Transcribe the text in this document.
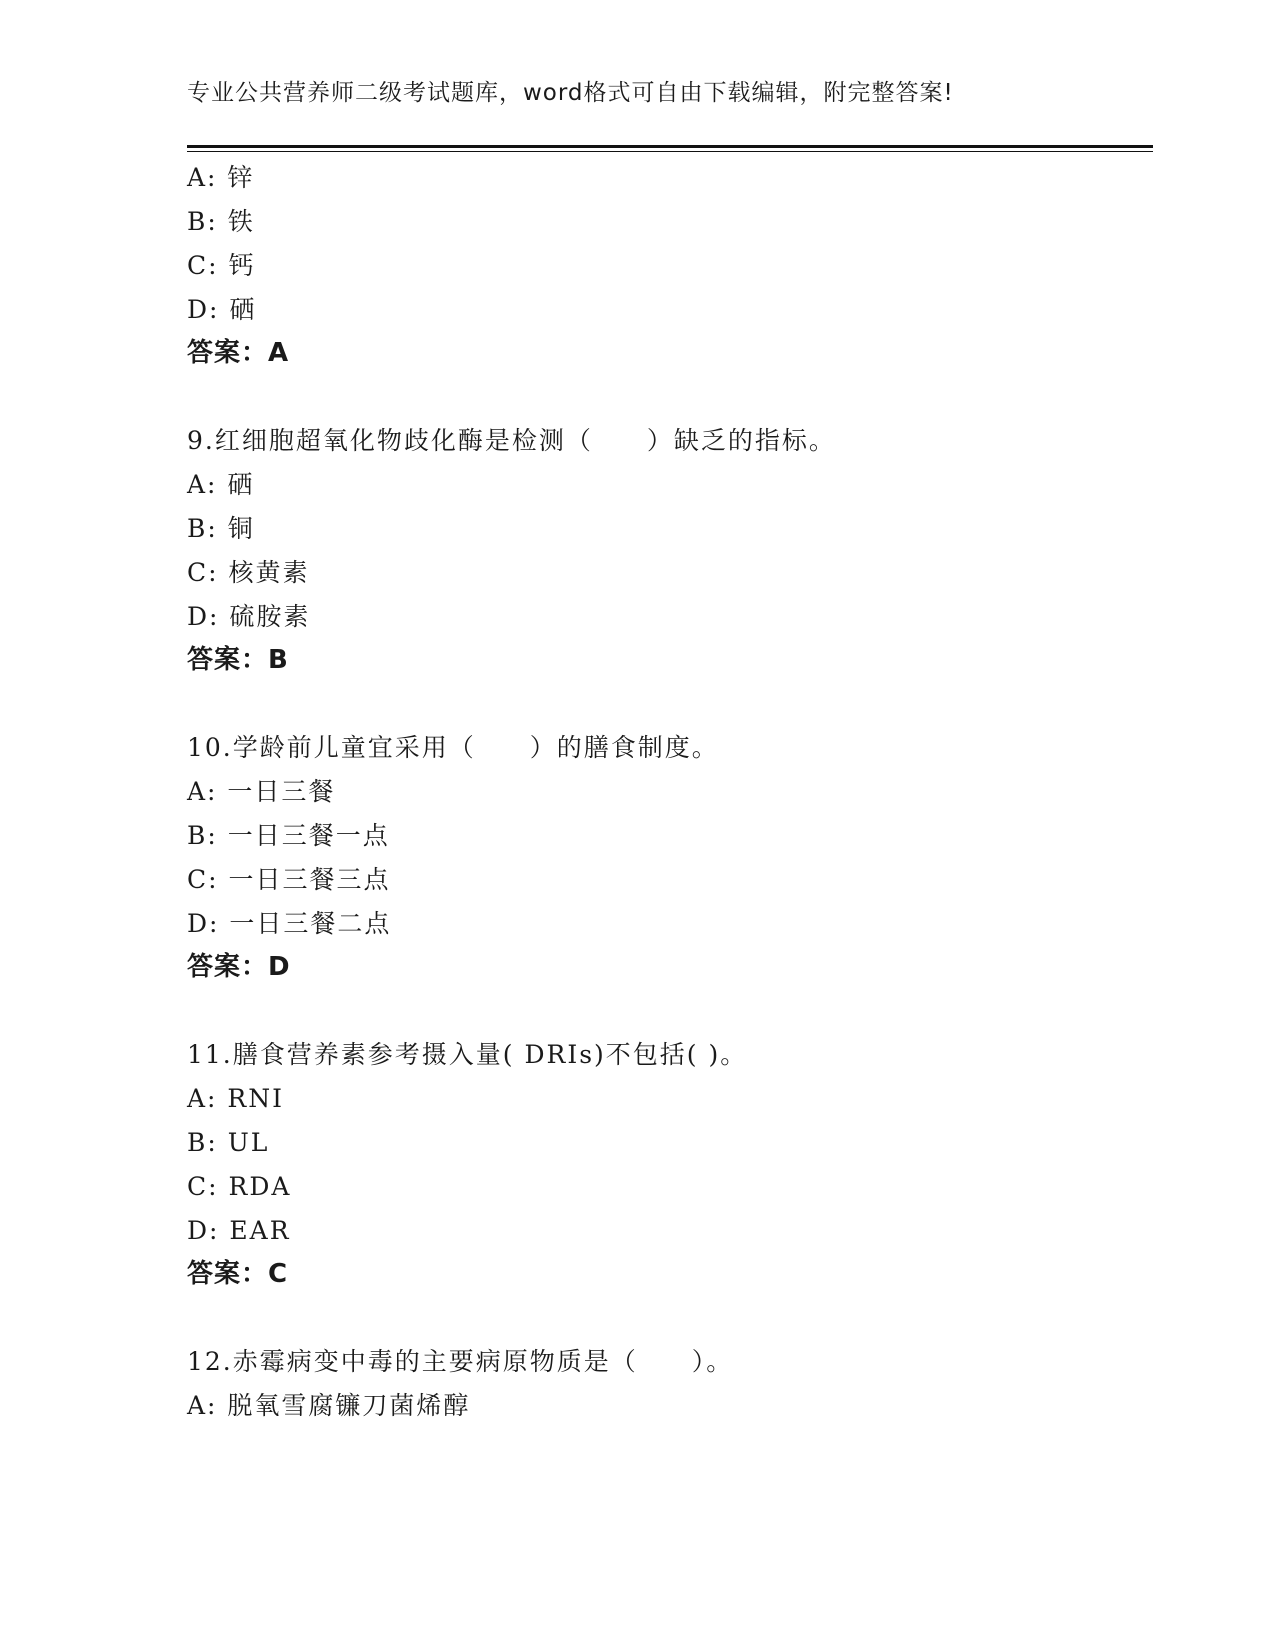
专业公共营养师二级考试题库，word格式可自由下载编辑，附完整答案!
A: 锌
B: 铁
C: 钙
D: 硒
答案：A
9.红细胞超氧化物歧化酶是检测（　　）缺乏的指标。
A: 硒
B: 铜
C: 核黄素
D: 硫胺素
答案：B
10.学龄前儿童宜采用（　　）的膳食制度。
A: 一日三餐
B: 一日三餐一点
C: 一日三餐三点
D: 一日三餐二点
答案：D
11.膳食营养素参考摄入量( DRIs)不包括( )。
A: RNI
B: UL
C: RDA
D: EAR
答案：C
12.赤霉病变中毒的主要病原物质是（　　）。
A: 脱氧雪腐镰刀菌烯醇
